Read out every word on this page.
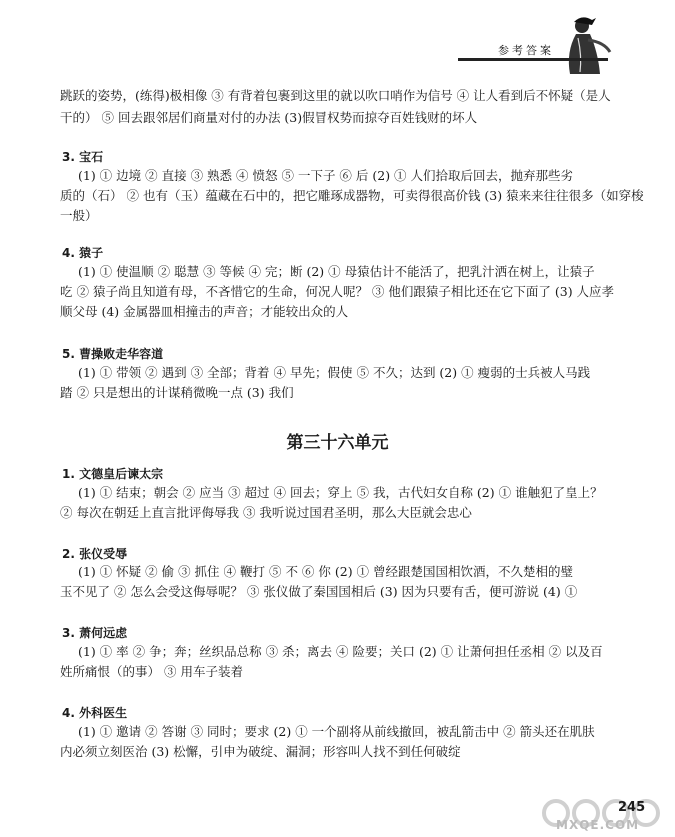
参考答案
跳跃的姿势，(练得)极相像 ③ 有背着包裹到这里的就以吹口哨作为信号 ④ 让人看到后不怀疑（是人
干的） ⑤ 回去跟邻居们商量对付的办法 (3)假冒权势而掠夺百姓钱财的坏人
3. 宝石
(1) ① 边境 ② 直接 ③ 熟悉 ④ 愤怒 ⑤ 一下子 ⑥ 后 (2) ① 人们拾取后回去，抛弃那些劣
质的（石） ② 也有（玉）蕴藏在石中的，把它雕琢成器物，可卖得很高价钱 (3) 猿来来往往很多（如穿梭
一般）
4. 猿子
(1) ① 使温顺 ② 聪慧 ③ 等候 ④ 完；断 (2) ① 母猿估计不能活了，把乳汁洒在树上，让猿子
吃 ② 猿子尚且知道有母，不吝惜它的生命，何况人呢？ ③ 他们跟猿子相比还在它下面了 (3) 人应孝
顺父母 (4) 金属器皿相撞击的声音；才能较出众的人
5. 曹操败走华容道
(1) ① 带领 ② 遇到 ③ 全部；背着 ④ 早先；假使 ⑤ 不久；达到 (2) ① 瘦弱的士兵被人马践
踏 ② 只是想出的计谋稍微晚一点 (3) 我们
第三十六单元
1. 文德皇后谏太宗
(1) ① 结束；朝会 ② 应当 ③ 超过 ④ 回去；穿上 ⑤ 我，古代妇女自称 (2) ① 谁触犯了皇上？
② 每次在朝廷上直言批评侮辱我 ③ 我听说过国君圣明，那么大臣就会忠心
2. 张仪受辱
(1) ① 怀疑 ② 偷 ③ 抓住 ④ 鞭打 ⑤ 不 ⑥ 你 (2) ① 曾经跟楚国国相饮酒，不久楚相的璧
玉不见了 ② 怎么会受这侮辱呢？ ③ 张仪做了秦国国相后 (3) 因为只要有舌，便可游说 (4) ①
3. 萧何远虑
(1) ① 率 ② 争；奔；丝织品总称 ③ 杀；离去 ④ 险要；关口 (2) ① 让萧何担任丞相 ② 以及百
姓所痛恨（的事） ③ 用车子装着
4. 外科医生
(1) ① 邀请 ② 答谢 ③ 同时；要求 (2) ① 一个副将从前线撤回，被乱箭击中 ② 箭头还在肌肤
内必须立刻医治 (3) 松懈，引申为破绽、漏洞；形容叫人找不到任何破绽
MXQE.COM
245
